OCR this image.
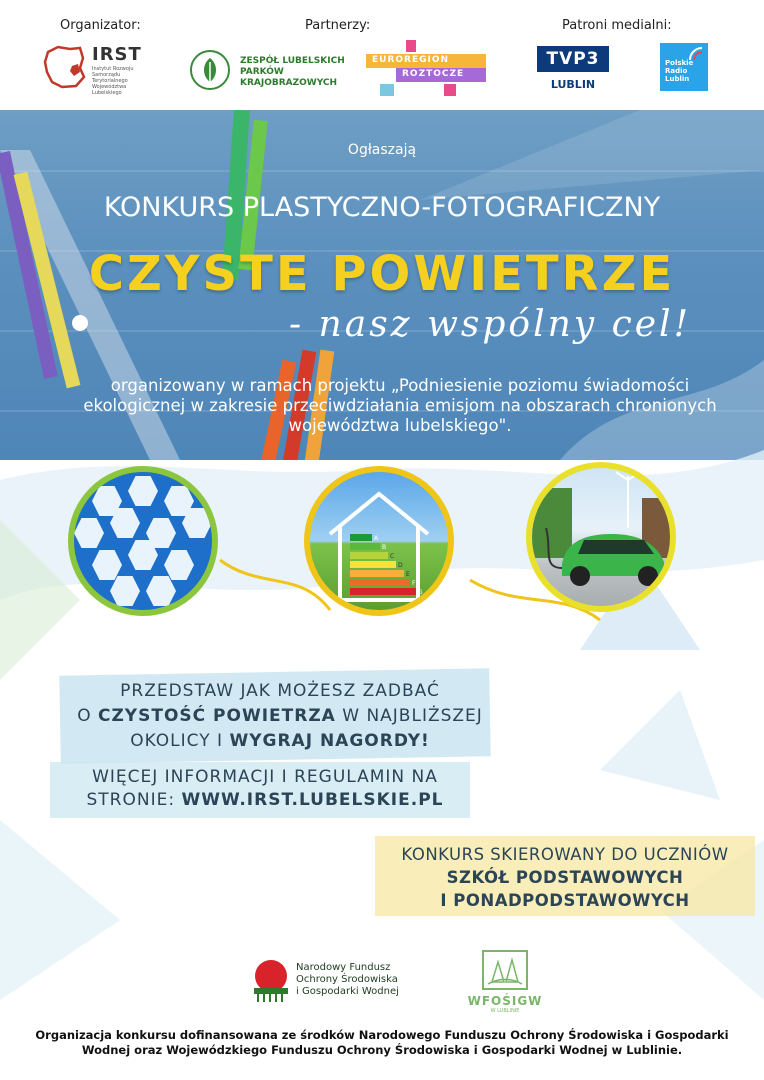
Organizator:	Partnerzy:	Patroni medialni:
IRST
Instytut Rozwoju Samorządu Terytorialnego Województwa Lubelskiego
ZESPÓŁ LUBELSKICH PARKÓW KRAJOBRAZOWYCH
EUROREGION
ROZTOCZE
TVP3
LUBLIN
Polskie Radio Lublin
Ogłaszają
KONKURS PLASTYCZNO-FOTOGRAFICZNY
CZYSTE POWIETRZE
- nasz wspólny cel!
organizowany w ramach projektu „Podniesienie poziomu świadomości ekologicznej w zakresie przeciwdziałania emisjom na obszarach chronionych województwa lubelskiego".
A
B
C
D
E
F
G
PRZEDSTAW JAK MOŻESZ ZADBAĆ
O CZYSTOŚĆ POWIETRZA W NAJBLIŻSZEJ
OKOLICY I WYGRAJ NAGORDY!
WIĘCEJ INFORMACJI I REGULAMIN NA
STRONIE: WWW.IRST.LUBELSKIE.PL
KONKURS SKIEROWANY DO UCZNIÓW
SZKÓŁ PODSTAWOWYCH
I PONADPODSTAWOWYCH
Narodowy Fundusz
Ochrony Środowiska
i Gospodarki Wodnej
WFOŚIGW
W LUBLINIE
Organizacja konkursu dofinansowana ze środków Narodowego Funduszu Ochrony Środowiska i Gospodarki Wodnej oraz Wojewódzkiego Funduszu Ochrony Środowiska i Gospodarki Wodnej w Lublinie.
